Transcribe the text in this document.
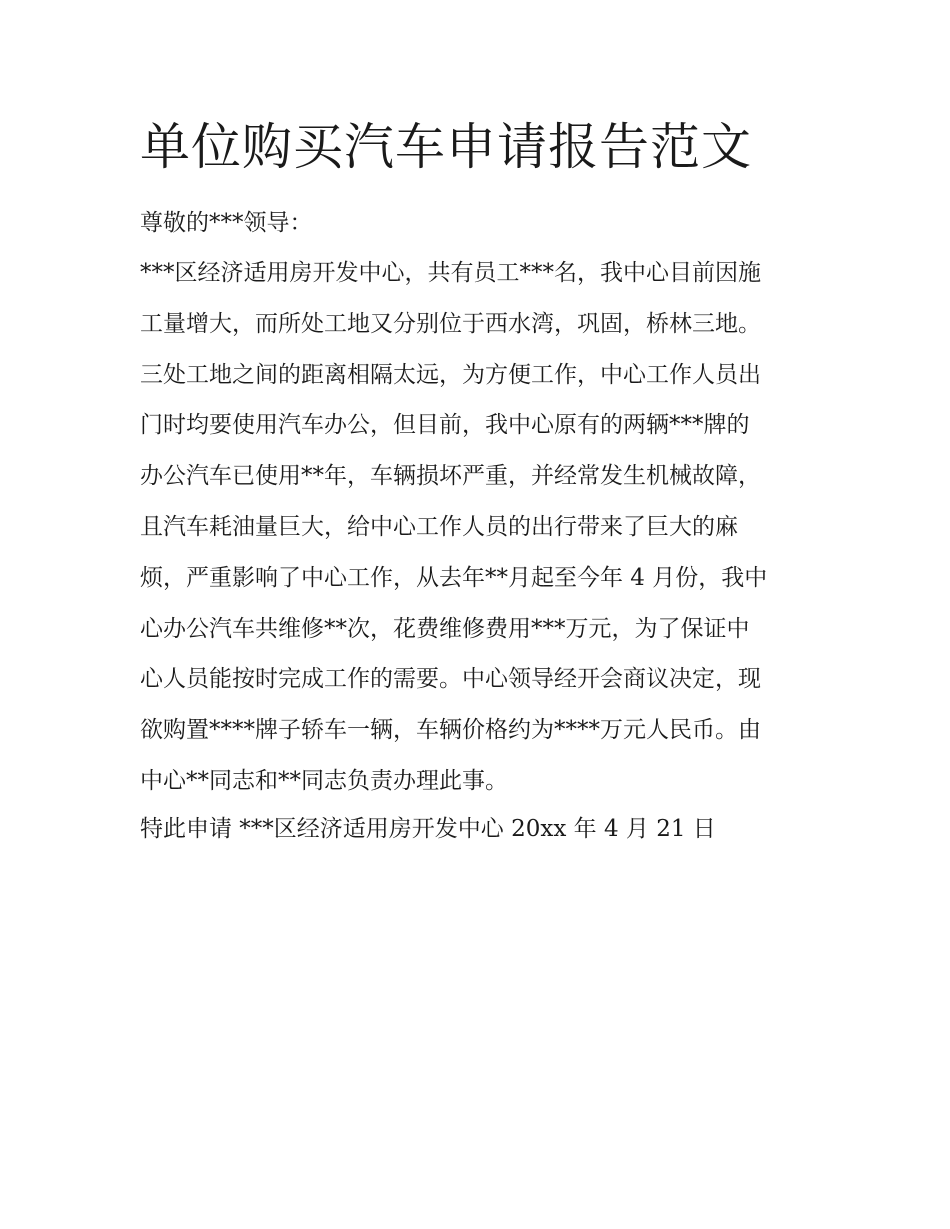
单位购买汽车申请报告范文

尊敬的***领导：

***区经济适用房开发中心，共有员工***名，我中心目前因施

工量增大，而所处工地又分别位于西水湾，巩固，桥林三地。

三处工地之间的距离相隔太远，为方便工作，中心工作人员出

门时均要使用汽车办公，但目前，我中心原有的两辆***牌的

办公汽车已使用**年，车辆损坏严重，并经常发生机械故障，

且汽车耗油量巨大，给中心工作人员的出行带来了巨大的麻

烦，严重影响了中心工作，从去年**月起至今年 4 月份，我中

心办公汽车共维修**次，花费维修费用***万元，为了保证中

心人员能按时完成工作的需要。中心领导经开会商议决定，现

欲购置****牌子轿车一辆，车辆价格约为****万元人民币。由

中心**同志和**同志负责办理此事。

特此申请 ***区经济适用房开发中心 20xx 年 4 月 21 日
